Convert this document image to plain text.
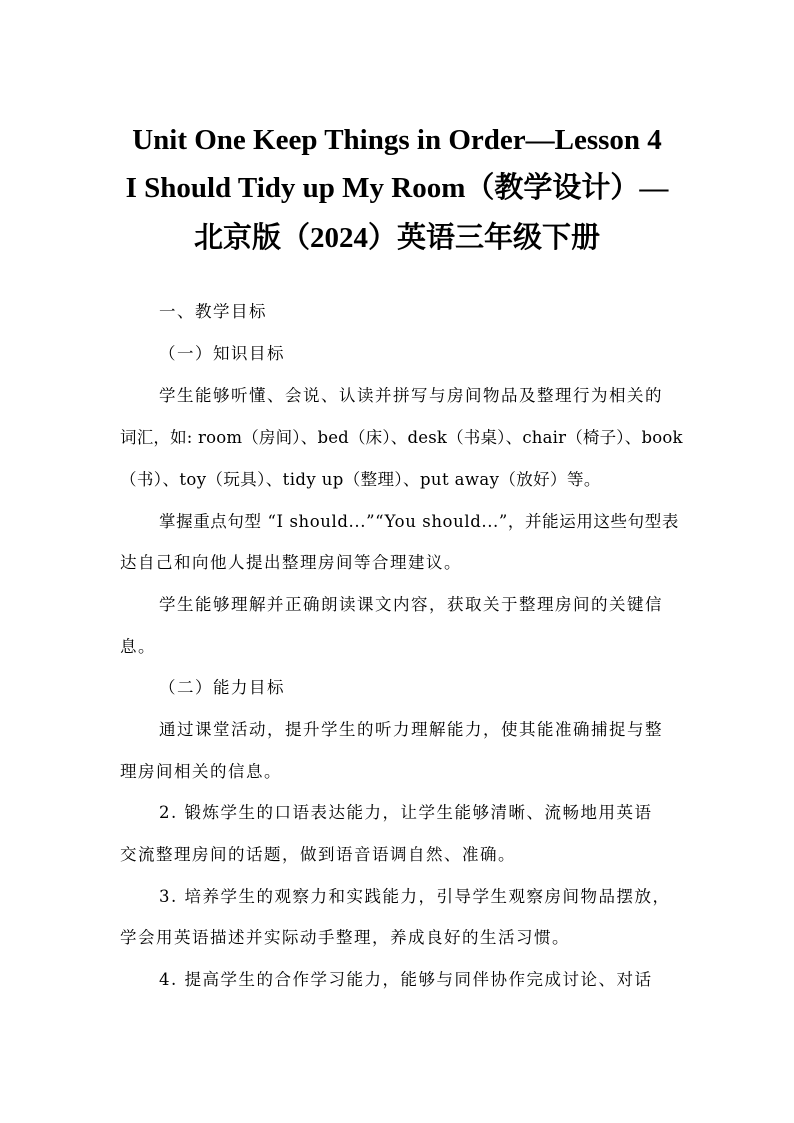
Unit One Keep Things in Order—Lesson 4
I Should Tidy up My Room（教学设计）—
北京版（2024）英语三年级下册
一、教学目标
（一）知识目标
学生能够听懂、会说、认读并拼写与房间物品及整理行为相关的
词汇，如: room（房间）、bed（床）、desk（书桌）、chair（椅子）、book
（书）、toy（玩具）、tidy up（整理）、put away（放好）等。
掌握重点句型 “I should...”“You should...”，并能运用这些句型表
达自己和向他人提出整理房间等合理建议。
学生能够理解并正确朗读课文内容，获取关于整理房间的关键信
息。
（二）能力目标
通过课堂活动，提升学生的听力理解能力，使其能准确捕捉与整
理房间相关的信息。
2. 锻炼学生的口语表达能力，让学生能够清晰、流畅地用英语
交流整理房间的话题，做到语音语调自然、准确。
3. 培养学生的观察力和实践能力，引导学生观察房间物品摆放，
学会用英语描述并实际动手整理，养成良好的生活习惯。
4. 提高学生的合作学习能力，能够与同伴协作完成讨论、对话
